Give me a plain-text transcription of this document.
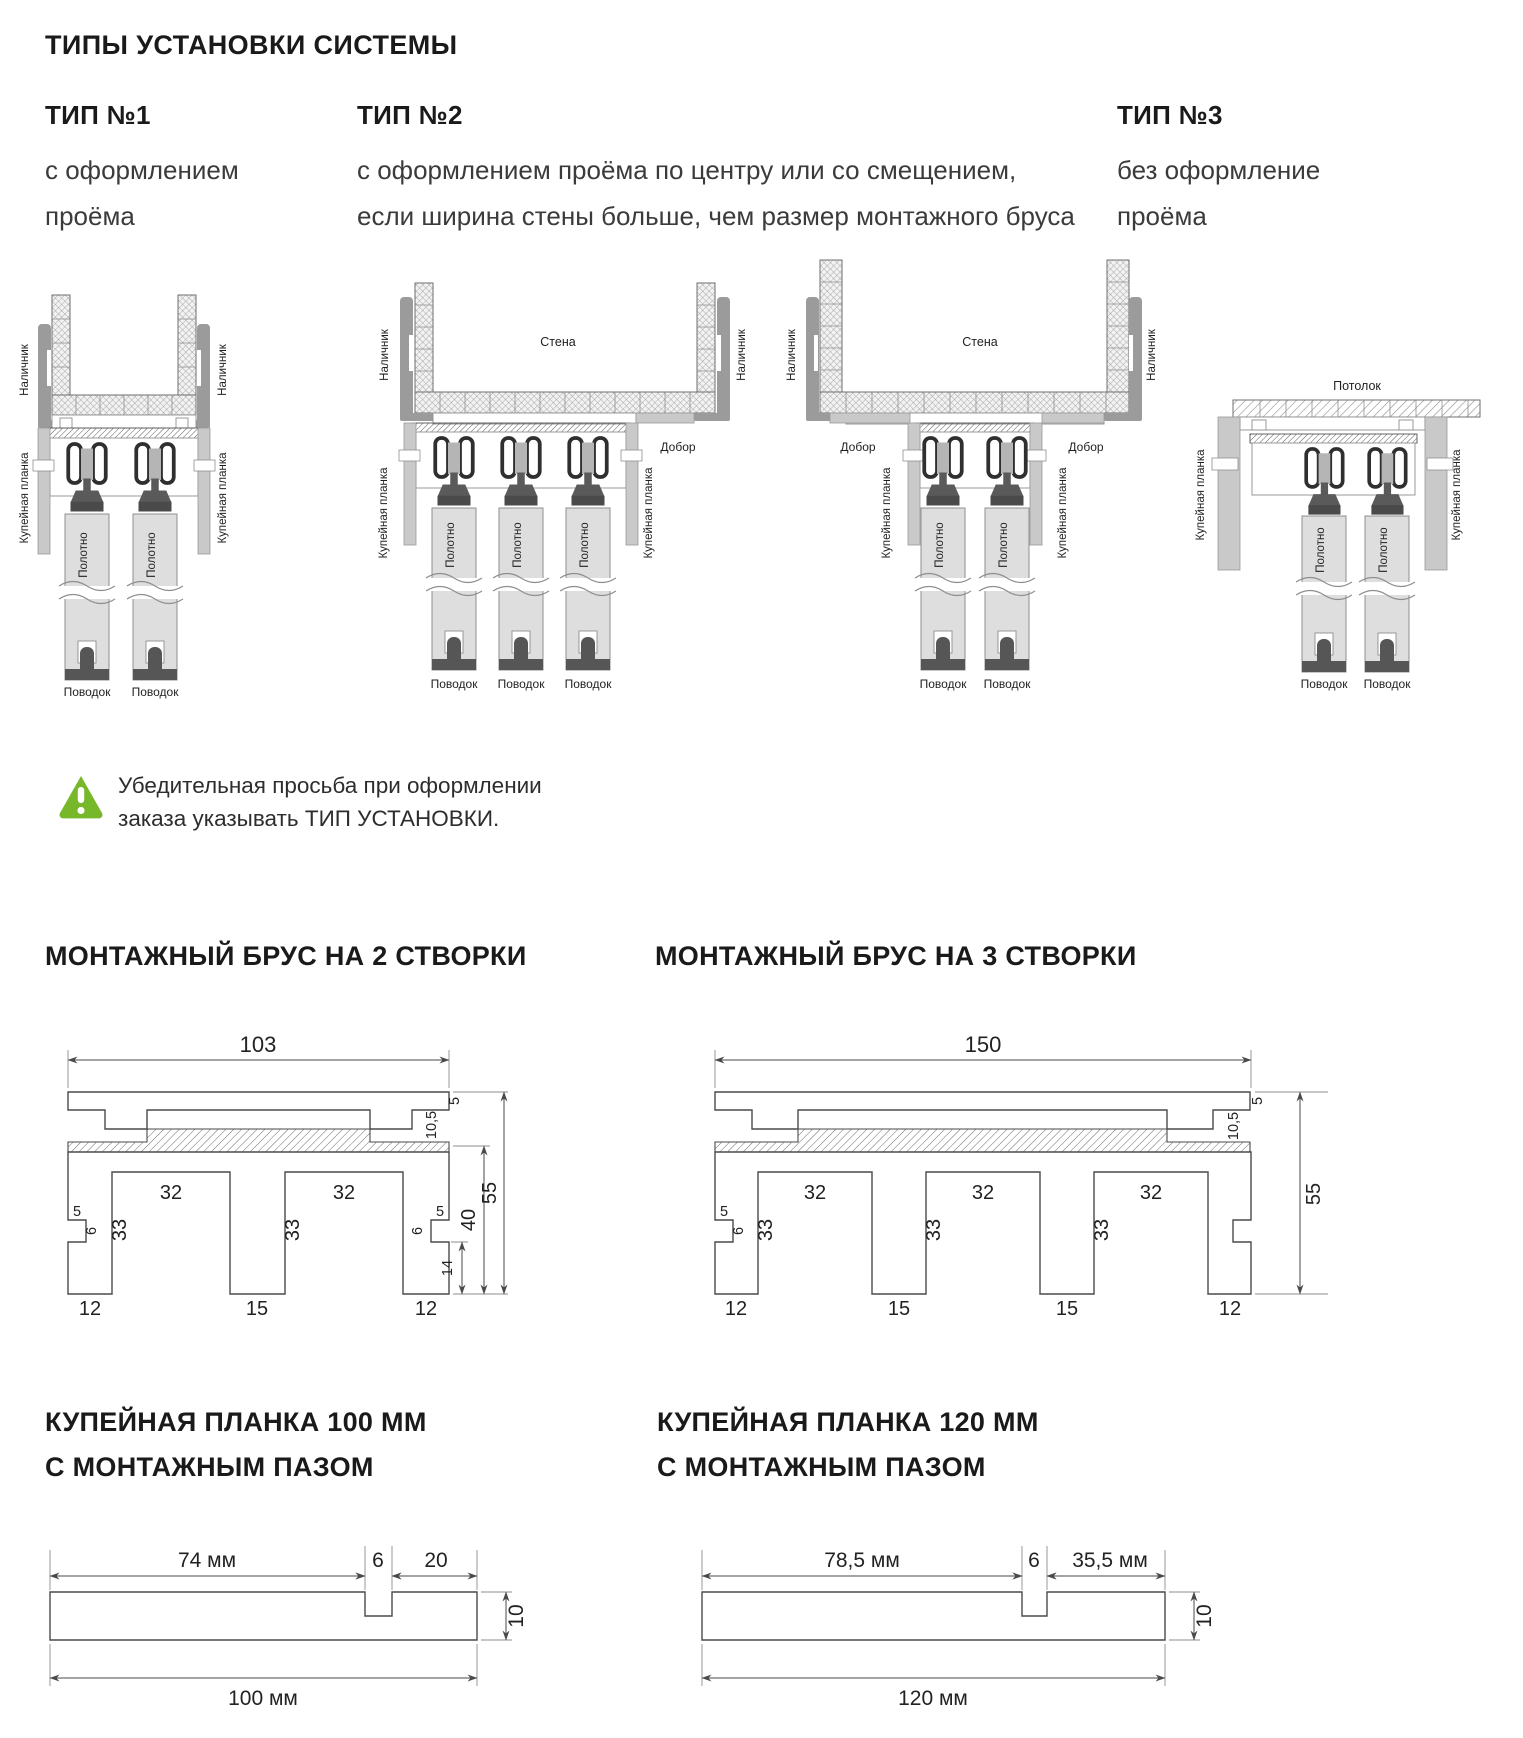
ТИПЫ УСТАНОВКИ СИСТЕМЫ
ТИП №1

с оформлением
проёма

ТИП №2

с оформлением проёма по центру или со смещением,
если ширина стены больше, чем размер монтажного бруса

ТИП №3

без оформление
проёма

Наличник	Наличник
Купейная планка	Купейная планка
Полотно	Полотно
Поводок Поводок
Стена
Добор
Наличник	Наличник
Купейная планка	Купейная планка
Полотно	Полотно	Полотно
Поводок Поводок Поводок
Стена
Добор	Добор
Наличник	Наличник
Купейная планка	Купейная планка
Полотно	Полотно
Поводок Поводок
Потолок
Купейная планка	Купейная планка
Полотно	Полотно
Поводок Поводок
Убедительная просьба при оформлении
заказа указывать ТИП УСТАНОВКИ.
МОНТАЖНЫЙ БРУС НА 2 СТВОРКИ	МОНТАЖНЫЙ БРУС НА 3 СТВОРКИ
103
14
40
55
5
10,5
32	32
33	33
5
6
5
6
12	15	12
150
55
5
10,5
32	32	32
33	33	33
5
6
12	15	15	12
КУПЕЙНАЯ ПЛАНКА 100 ММ
С МОНТАЖНЫМ ПАЗОМ
КУПЕЙНАЯ ПЛАНКА 120 ММ
С МОНТАЖНЫМ ПАЗОМ
74 мм	6 20
10
100 мм
78,5 мм	6 35,5 мм
10
120 мм
